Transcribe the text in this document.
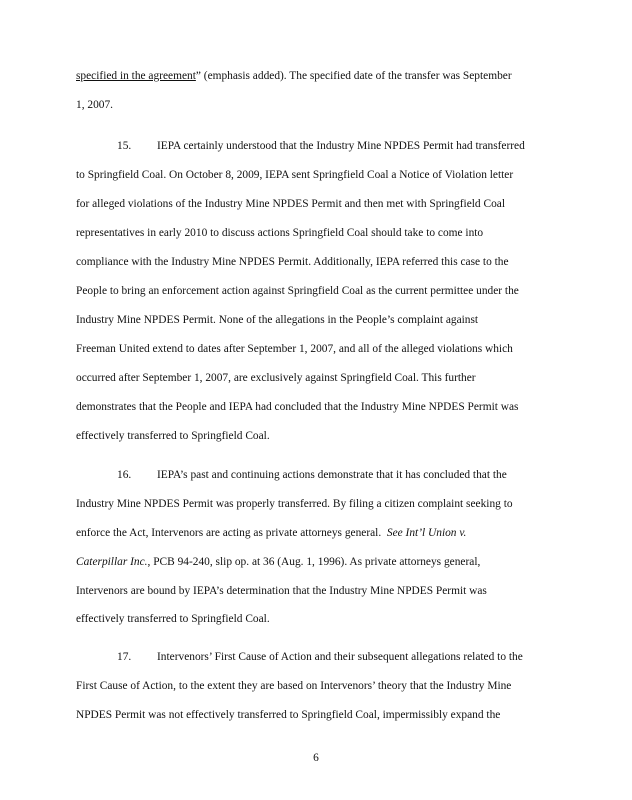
specified in the agreement” (emphasis added). The specified date of the transfer was September
1, 2007.
15. IEPA certainly understood that the Industry Mine NPDES Permit had transferred
to Springfield Coal. On October 8, 2009, IEPA sent Springfield Coal a Notice of Violation letter
for alleged violations of the Industry Mine NPDES Permit and then met with Springfield Coal
representatives in early 2010 to discuss actions Springfield Coal should take to come into
compliance with the Industry Mine NPDES Permit. Additionally, IEPA referred this case to the
People to bring an enforcement action against Springfield Coal as the current permittee under the
Industry Mine NPDES Permit. None of the allegations in the People’s complaint against
Freeman United extend to dates after September 1, 2007, and all of the alleged violations which
occurred after September 1, 2007, are exclusively against Springfield Coal. This further
demonstrates that the People and IEPA had concluded that the Industry Mine NPDES Permit was
effectively transferred to Springfield Coal.
16. IEPA’s past and continuing actions demonstrate that it has concluded that the
Industry Mine NPDES Permit was properly transferred. By filing a citizen complaint seeking to
enforce the Act, Intervenors are acting as private attorneys general. See Int’l Union v.
Caterpillar Inc., PCB 94-240, slip op. at 36 (Aug. 1, 1996). As private attorneys general,
Intervenors are bound by IEPA’s determination that the Industry Mine NPDES Permit was
effectively transferred to Springfield Coal.
17. Intervenors’ First Cause of Action and their subsequent allegations related to the
First Cause of Action, to the extent they are based on Intervenors’ theory that the Industry Mine
NPDES Permit was not effectively transferred to Springfield Coal, impermissibly expand the
6
